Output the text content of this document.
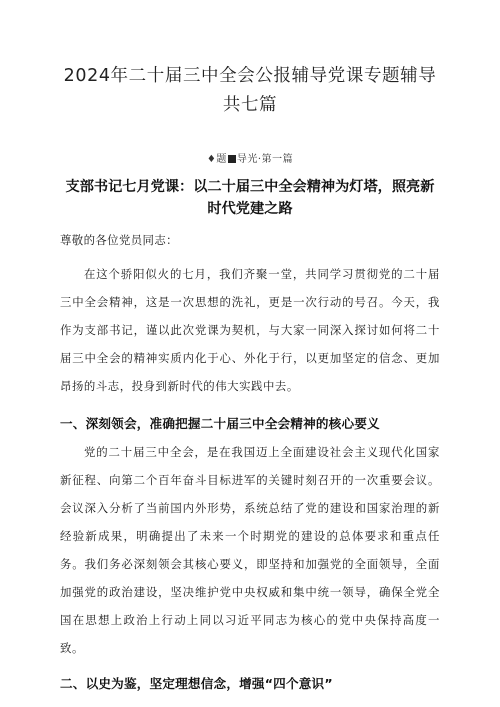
2024年二十届三中全会公报辅导党课专题辅导共七篇
♦题 导光·第一篇
支部书记七月党课：以二十届三中全会精神为灯塔，照亮新时代党建之路
尊敬的各位党员同志：

在这个骄阳似火的七月，我们齐聚一堂，共同学习贯彻党的二十届三中全会精神，这是一次思想的洗礼，更是一次行动的号召。今天，我作为支部书记，谨以此次党课为契机，与大家一同深入探讨如何将二十届三中全会的精神实质内化于心、外化于行，以更加坚定的信念、更加昂扬的斗志，投身到新时代的伟大实践中去。

一、深刻领会，准确把握二十届三中全会精神的核心要义

党的二十届三中全会，是在我国迈上全面建设社会主义现代化国家新征程、向第二个百年奋斗目标进军的关键时刻召开的一次重要会议。会议深入分析了当前国内外形势，系统总结了党的建设和国家治理的新经验新成果，明确提出了未来一个时期党的建设的总体要求和重点任务。我们务必深刻领会其核心要义，即坚持和加强党的全面领导，全面加强党的政治建设，坚决维护党中央权威和集中统一领导，确保全党全国在思想上政治上行动上同以习近平同志为核心的党中央保持高度一致。

二、以史为鉴，坚定理想信念，增强“四个意识”
